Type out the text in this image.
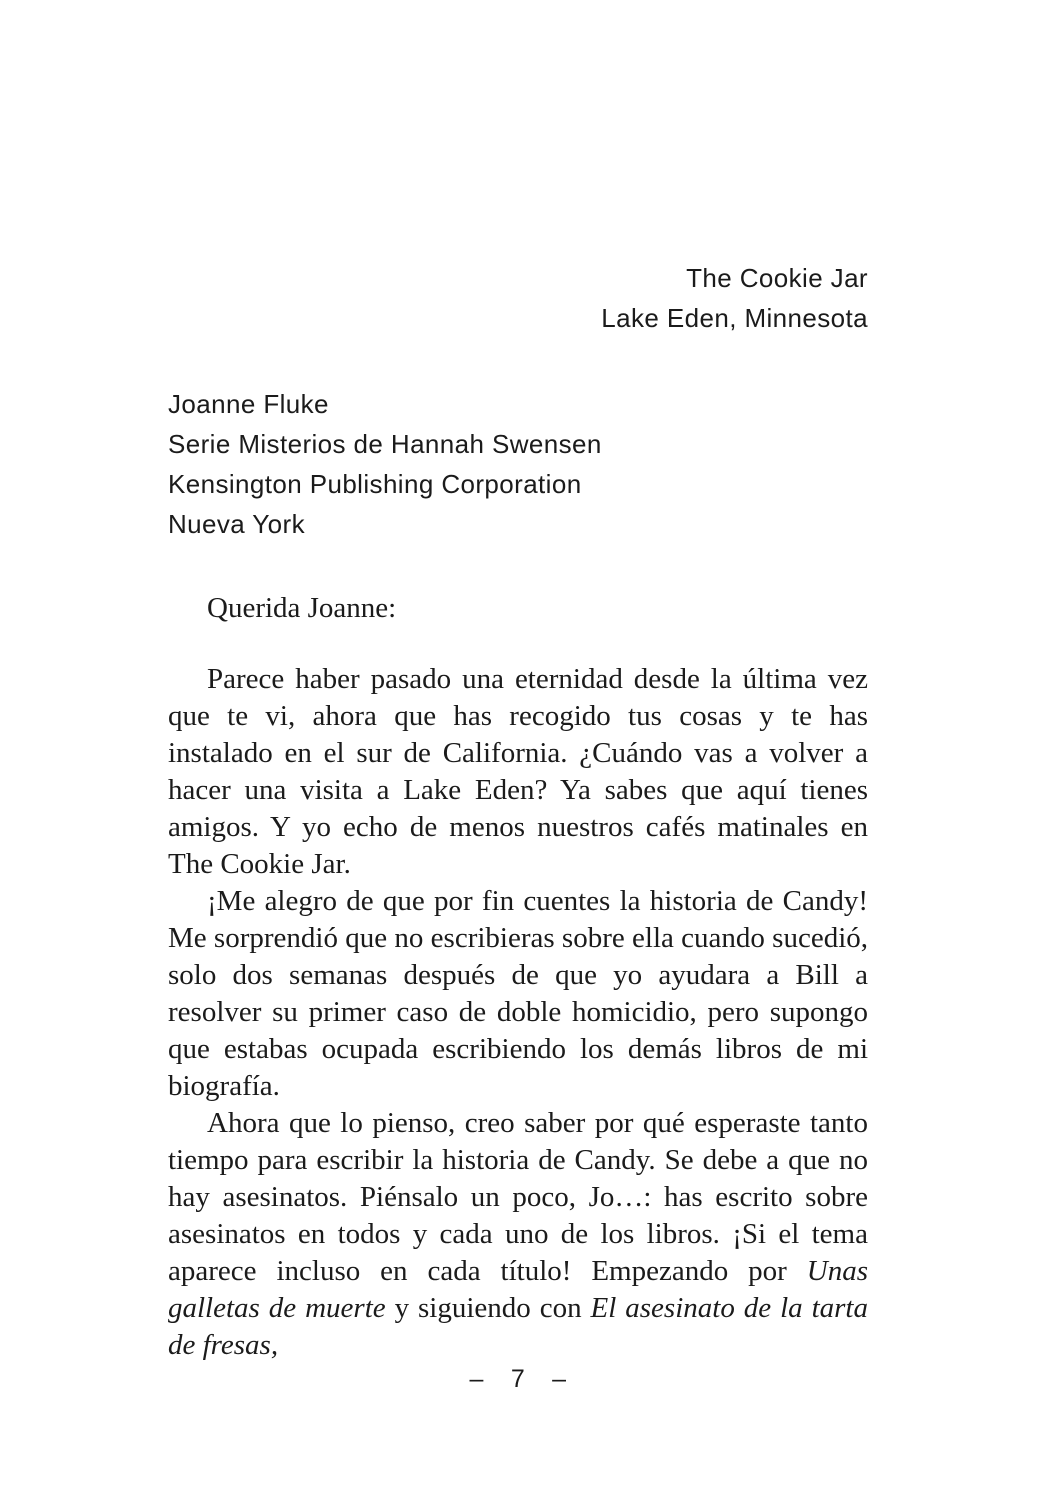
The Cookie Jar
Lake Eden, Minnesota
Joanne Fluke
Serie Misterios de Hannah Swensen
Kensington Publishing Corporation
Nueva York

Querida Joanne:

Parece haber pasado una eternidad desde la última vez que te vi, ahora que has recogido tus cosas y te has instalado en el sur de California. ¿Cuándo vas a volver a hacer una visita a Lake Eden? Ya sabes que aquí tienes amigos. Y yo echo de menos nuestros cafés matinales en The Cookie Jar.

¡Me alegro de que por fin cuentes la historia de Candy! Me sorprendió que no escribieras sobre ella cuando sucedió, solo dos semanas después de que yo ayudara a Bill a resolver su primer caso de doble homicidio, pero supongo que estabas ocupada escribiendo los demás libros de mi biografía.

Ahora que lo pienso, creo saber por qué esperaste tanto tiempo para escribir la historia de Candy. Se debe a que no hay asesinatos. Piénsalo un poco, Jo…: has escrito sobre asesinatos en todos y cada uno de los libros. ¡Si el tema aparece incluso en cada título! Empezando por Unas galletas de muerte y siguiendo con El asesinato de la tarta de fresas,

– 7 –
